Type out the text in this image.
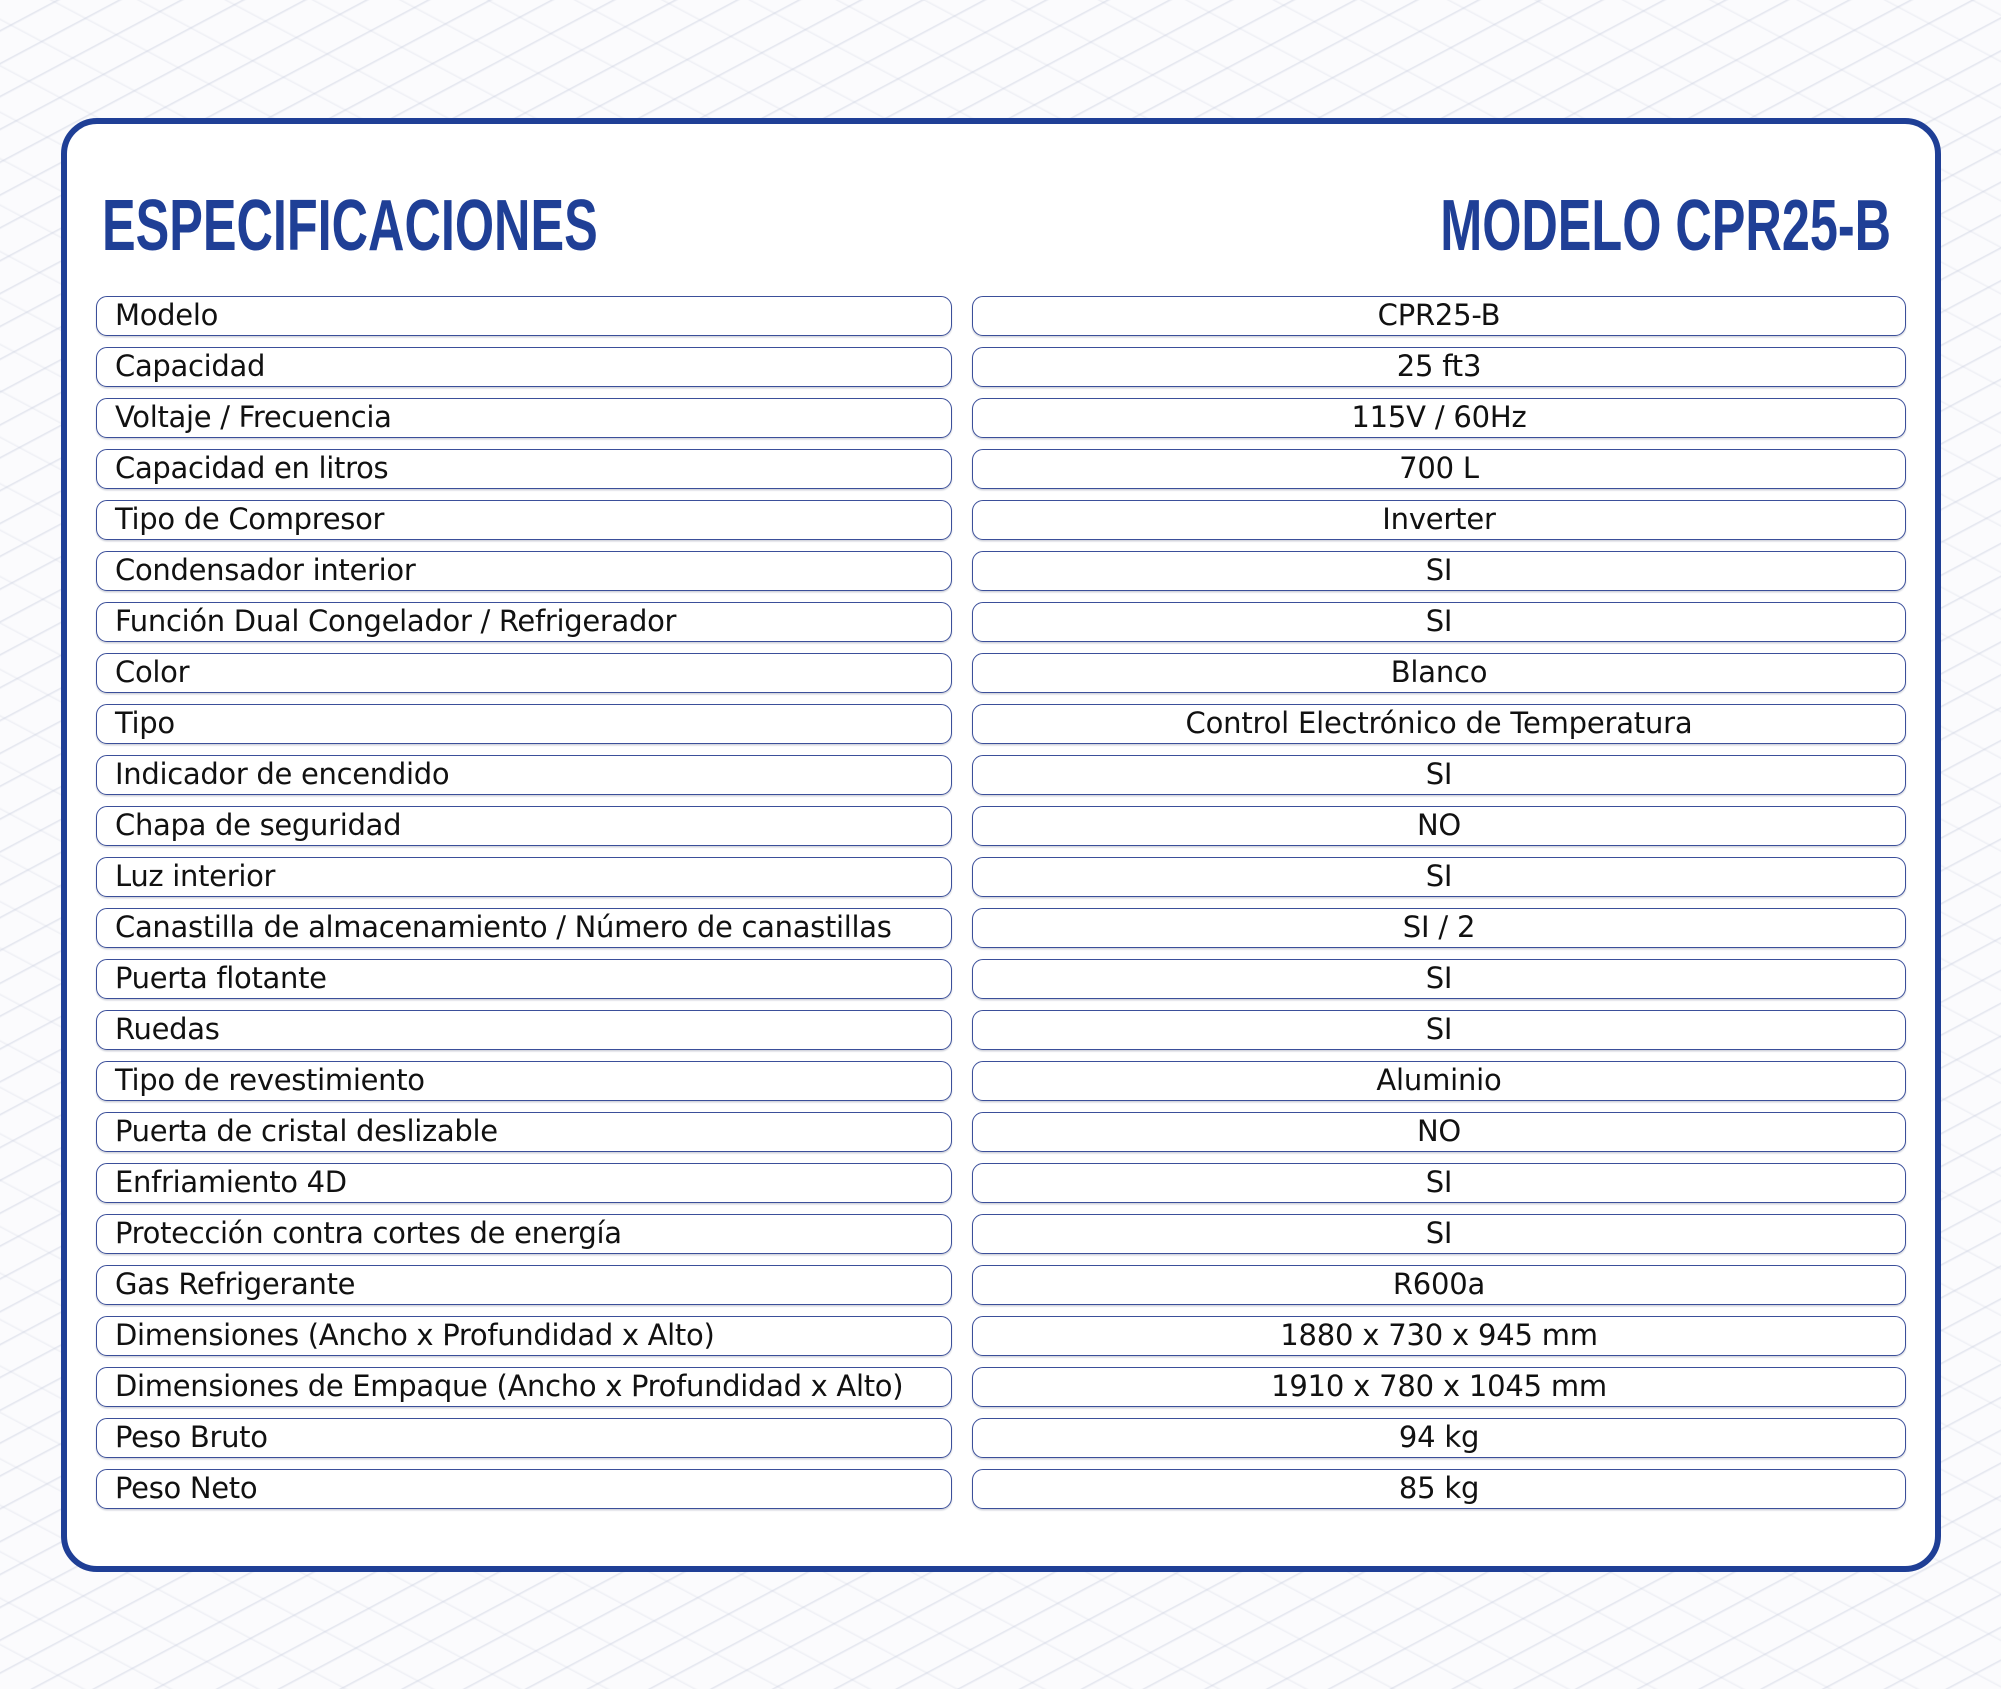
ESPECIFICACIONES	MODELO CPR25-B
Modelo	CPR25-B
Capacidad	25 ft3
Voltaje / Frecuencia	115V / 60Hz
Capacidad en litros	700 L
Tipo de Compresor	Inverter
Condensador interior	SI
Función Dual Congelador / Refrigerador	SI
Color	Blanco
Tipo	Control Electrónico de Temperatura
Indicador de encendido	SI
Chapa de seguridad	NO
Luz interior	SI
Canastilla de almacenamiento / Número de canastillas	SI / 2
Puerta flotante	SI
Ruedas	SI
Tipo de revestimiento	Aluminio
Puerta de cristal deslizable	NO
Enfriamiento 4D	SI
Protección contra cortes de energía	SI
Gas Refrigerante	R600a
Dimensiones (Ancho x Profundidad x Alto)	1880 x 730 x 945 mm
Dimensiones de Empaque (Ancho x Profundidad x Alto)	1910 x 780 x 1045 mm
Peso Bruto	94 kg
Peso Neto	85 kg
